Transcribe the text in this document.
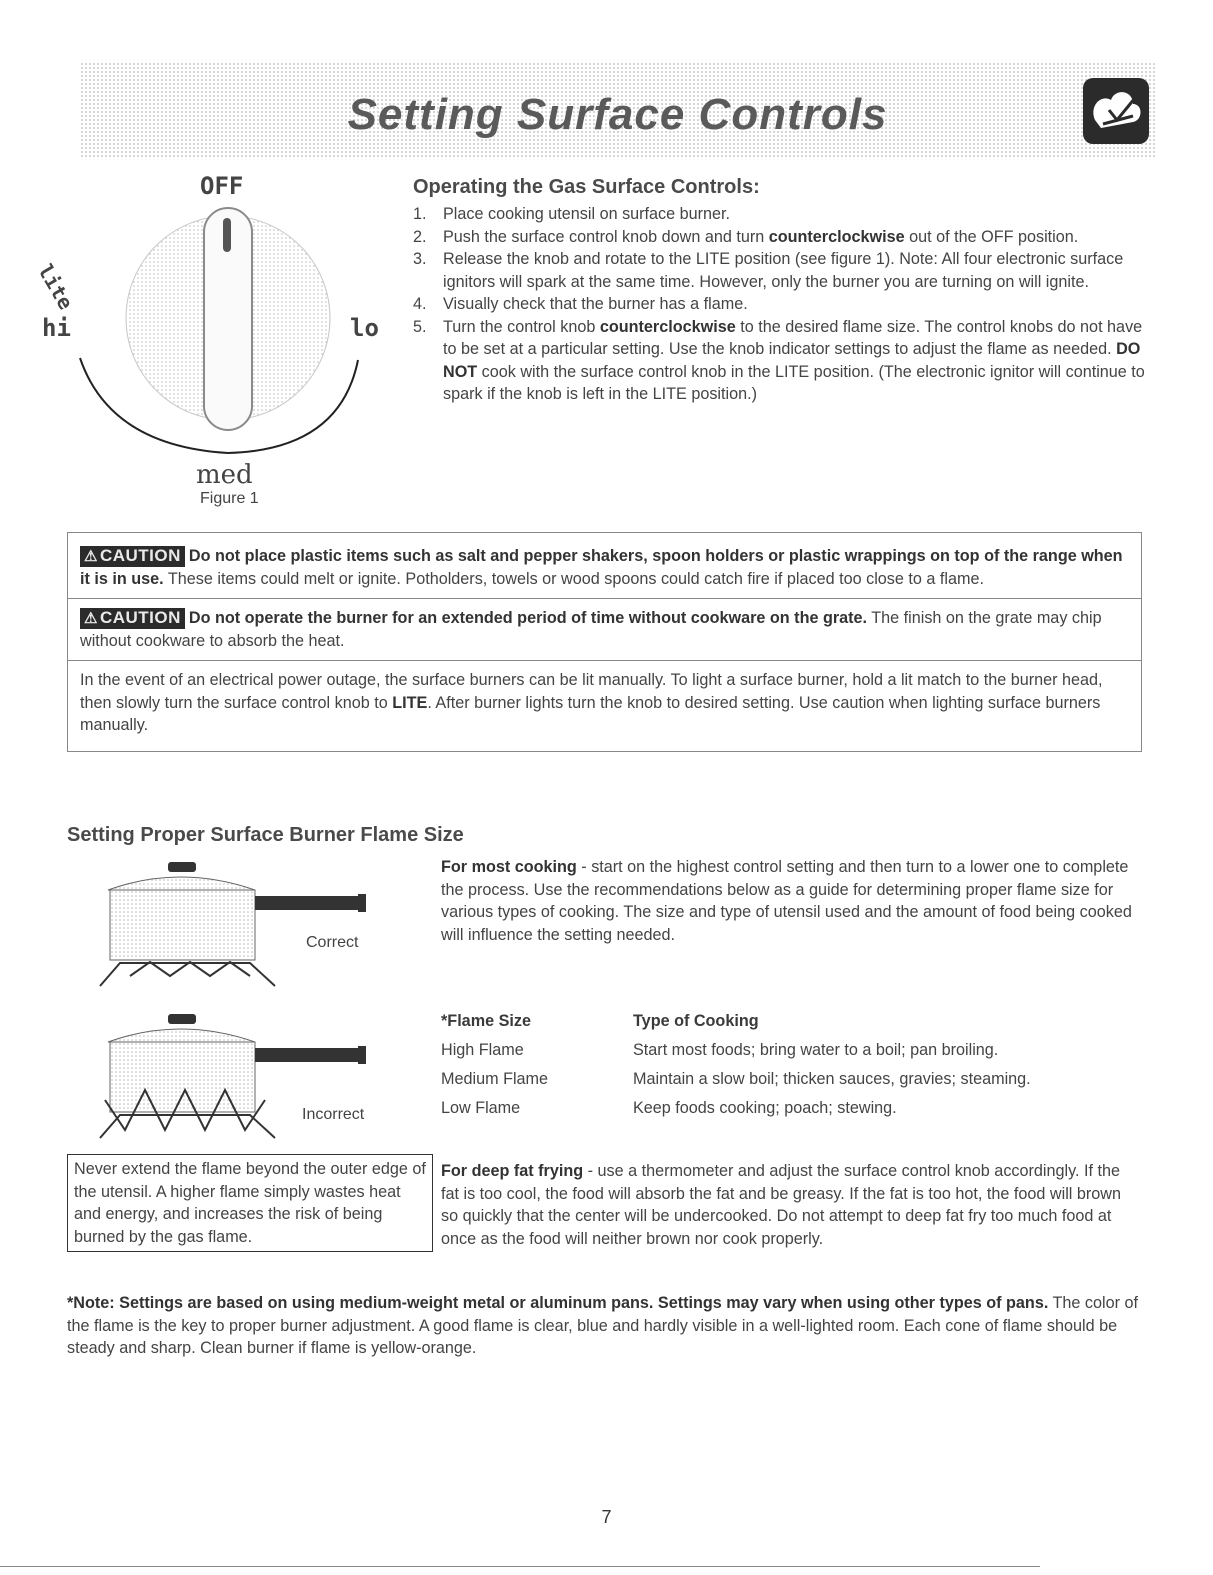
Setting Surface Controls
OFF
lite
hi	lo
med
Figure 1
Operating the Gas Surface Controls:
1. Place cooking utensil on surface burner.
2. Push the surface control knob down and turn counterclockwise out of the OFF position.
3. Release the knob and rotate to the LITE position (see figure 1). Note: All four electronic surface ignitors will spark at the same time. However, only the burner you are turning on will ignite.
4. Visually check that the burner has a flame.
5. Turn the control knob counterclockwise to the desired flame size. The control knobs do not have to be set at a particular setting. Use the knob indicator settings to adjust the flame as needed. DO NOT cook with the surface control knob in the LITE position. (The electronic ignitor will continue to spark if the knob is left in the LITE position.)
⚠ CAUTION Do not place plastic items such as salt and pepper shakers, spoon holders or plastic wrappings on top of the range when it is in use. These items could melt or ignite. Potholders, towels or wood spoons could catch fire if placed too close to a flame.
⚠ CAUTION Do not operate the burner for an extended period of time without cookware on the grate. The finish on the grate may chip without cookware to absorb the heat.
In the event of an electrical power outage, the surface burners can be lit manually. To light a surface burner, hold a lit match to the burner head, then slowly turn the surface control knob to LITE. After burner lights turn the knob to desired setting. Use caution when lighting surface burners manually.
Setting Proper Surface Burner Flame Size
Correct
Incorrect
For most cooking - start on the highest control setting and then turn to a lower one to complete the process. Use the recommendations below as a guide for determining proper flame size for various types of cooking. The size and type of utensil used and the amount of food being cooked will influence the setting needed.
*Flame Size	Type of Cooking
High Flame	Start most foods; bring water to a boil; pan broiling.
Medium Flame	Maintain a slow boil; thicken sauces, gravies; steaming.
Low Flame	Keep foods cooking; poach; stewing.
Never extend the flame beyond the outer edge of the utensil. A higher flame simply wastes heat and energy, and increases the risk of being burned by the gas flame.
For deep fat frying - use a thermometer and adjust the surface control knob accordingly. If the fat is too cool, the food will absorb the fat and be greasy. If the fat is too hot, the food will brown so quickly that the center will be undercooked. Do not attempt to deep fat fry too much food at once as the food will neither brown nor cook properly.
*Note: Settings are based on using medium-weight metal or aluminum pans. Settings may vary when using other types of pans. The color of the flame is the key to proper burner adjustment. A good flame is clear, blue and hardly visible in a well-lighted room. Each cone of flame should be steady and sharp. Clean burner if flame is yellow-orange.
7
